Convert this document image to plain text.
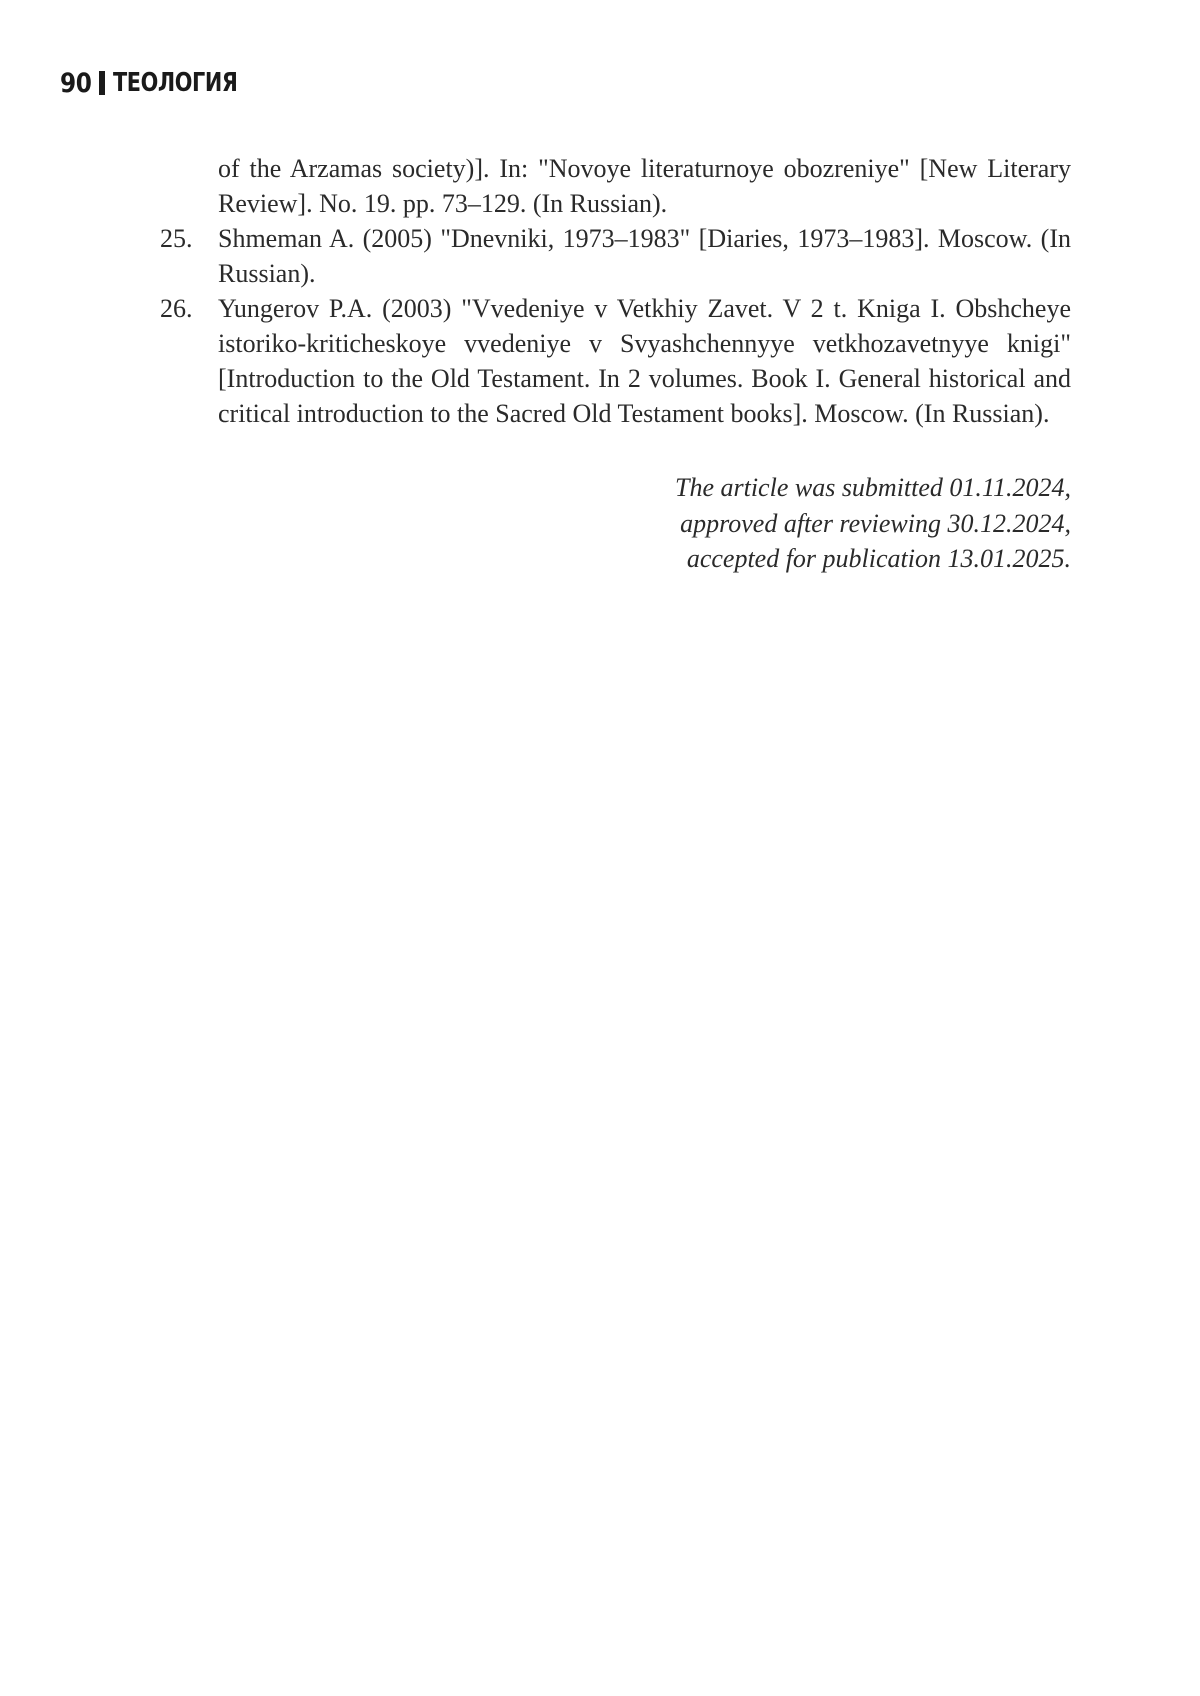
90 ТЕОЛОГИЯ
of the Arzamas society)]. In: "Novoye literaturnoye obozreniye" [New Literary Review]. No. 19. pp. 73–129. (In Russian).
25. Shmeman A. (2005) "Dnevniki, 1973–1983" [Diaries, 1973–1983]. Moscow. (In Russian).
26. Yungerov P.A. (2003) "Vvedeniye v Vetkhiy Zavet. V 2 t. Kniga I. Obshcheye istoriko-kriticheskoye vvedeniye v Svyashchennyye vetkhozavetnyye knigi" [Introduction to the Old Testament. In 2 volumes. Book I. General historical and critical introduction to the Sacred Old Testament books]. Moscow. (In Russian).
The article was submitted 01.11.2024,
approved after reviewing 30.12.2024,
accepted for publication 13.01.2025.
